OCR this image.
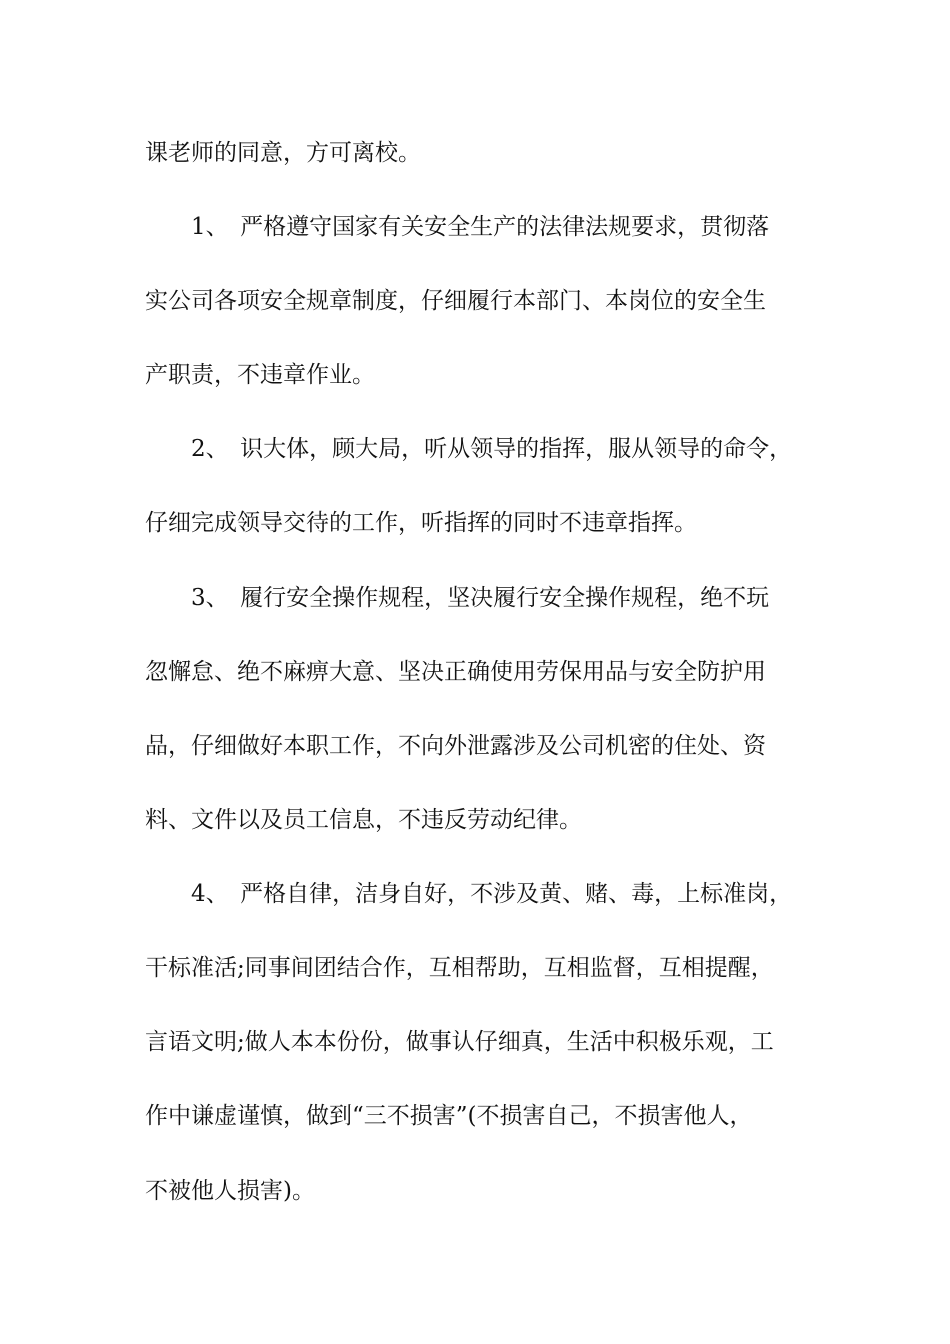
课老师的同意，方可离校。
　　1、　严格遵守国家有关安全生产的法律法规要求，贯彻落
实公司各项安全规章制度，仔细履行本部门、本岗位的安全生
产职责，不违章作业。
　　2、　识大体，顾大局，听从领导的指挥，服从领导的命令，
仔细完成领导交待的工作，听指挥的同时不违章指挥。
　　3、　履行安全操作规程，坚决履行安全操作规程，绝不玩
忽懈怠、绝不麻痹大意、坚决正确使用劳保用品与安全防护用
品，仔细做好本职工作，不向外泄露涉及公司机密的住处、资
料、文件以及员工信息，不违反劳动纪律。
　　4、　严格自律，洁身自好，不涉及黄、赌、毒，上标准岗，
干标准活;同事间团结合作，互相帮助，互相监督，互相提醒，
言语文明;做人本本份份，做事认仔细真，生活中积极乐观，工
作中谦虚谨慎，做到“三不损害”(不损害自己，不损害他人，
不被他人损害)。
